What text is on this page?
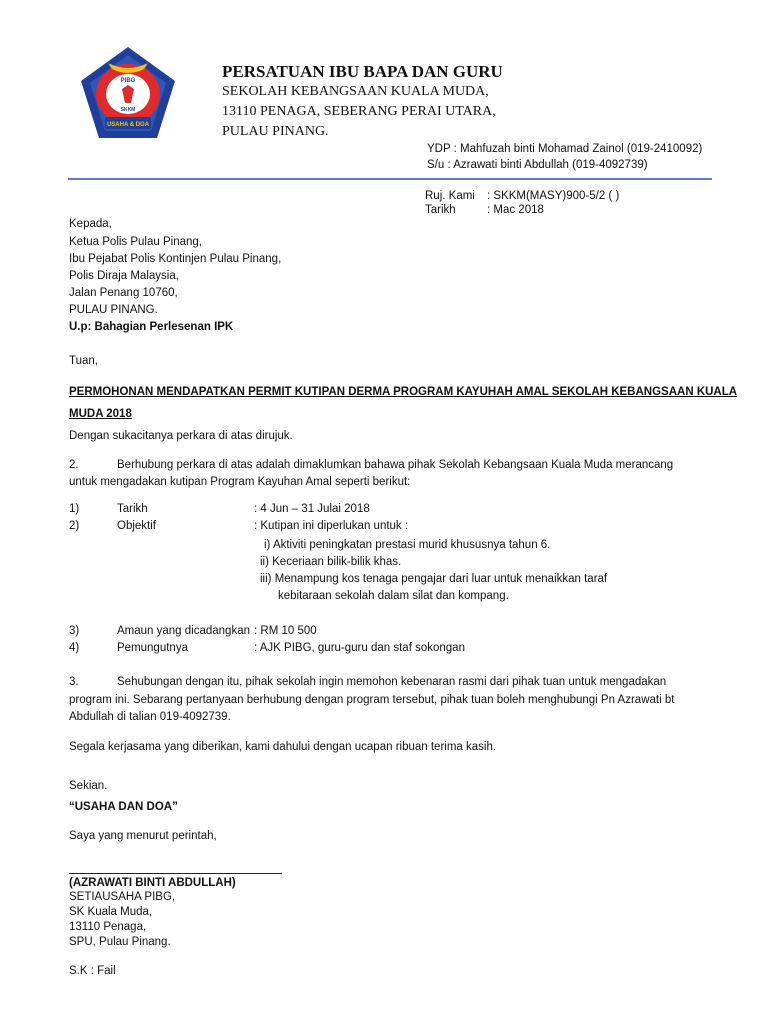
PIBG
SKKM
USAHA & DOA
PERSATUAN IBU BAPA DAN GURU
SEKOLAH KEBANGSAAN KUALA MUDA,
13110 PENAGA, SEBERANG PERAI UTARA,
PULAU PINANG.
YDP : Mahfuzah binti Mohamad Zainol (019-2410092)
S/u : Azrawati binti Abdullah (019-4092739)
Ruj. Kami : SKKM(MASY)900-5/2 ( )
Tarikh	: Mac 2018
Kepada,
Ketua Polis Pulau Pinang,
Ibu Pejabat Polis Kontinjen Pulau Pinang,
Polis Diraja Malaysia,
Jalan Penang 10760,
PULAU PINANG.
U.p: Bahagian Perlesenan IPK
Tuan,
PERMOHONAN MENDAPATKAN PERMIT KUTIPAN DERMA PROGRAM KAYUHAH AMAL SEKOLAH KEBANGSAAN KUALA
MUDA 2018
Dengan sukacitanya perkara di atas dirujuk.
2.	Berhubung perkara di atas adalah dimaklumkan bahawa pihak Sekolah Kebangsaan Kuala Muda merancang
untuk mengadakan kutipan Program Kayuhan Amal seperti berikut:
1)	Tarikh	: 4 Jun – 31 Julai 2018
2)	Objektif	: Kutipan ini diperlukan untuk :
i) Aktiviti peningkatan prestasi murid khususnya tahun 6.
ii) Keceriaan bilik-bilik khas.
iii) Menampung kos tenaga pengajar dari luar untuk menaikkan taraf
kebitaraan sekolah dalam silat dan kompang.
3)	Amaun yang dicadangkan : RM 10 500
4)	Pemungutnya	: AJK PIBG, guru-guru dan staf sokongan
3.	Sehubungan dengan itu, pihak sekolah ingin memohon kebenaran rasmi dari pihak tuan untuk mengadakan
program ini. Sebarang pertanyaan berhubung dengan program tersebut, pihak tuan boleh menghubungi Pn Azrawati bt
Abdullah di talian 019-4092739.
Segala kerjasama yang diberikan, kami dahului dengan ucapan ribuan terima kasih.
Sekian.
“USAHA DAN DOA”
Saya yang menurut perintah,
(AZRAWATI BINTI ABDULLAH)
SETIAUSAHA PIBG,
SK Kuala Muda,
13110 Penaga,
SPU, Pulau Pinang.
S.K : Fail
